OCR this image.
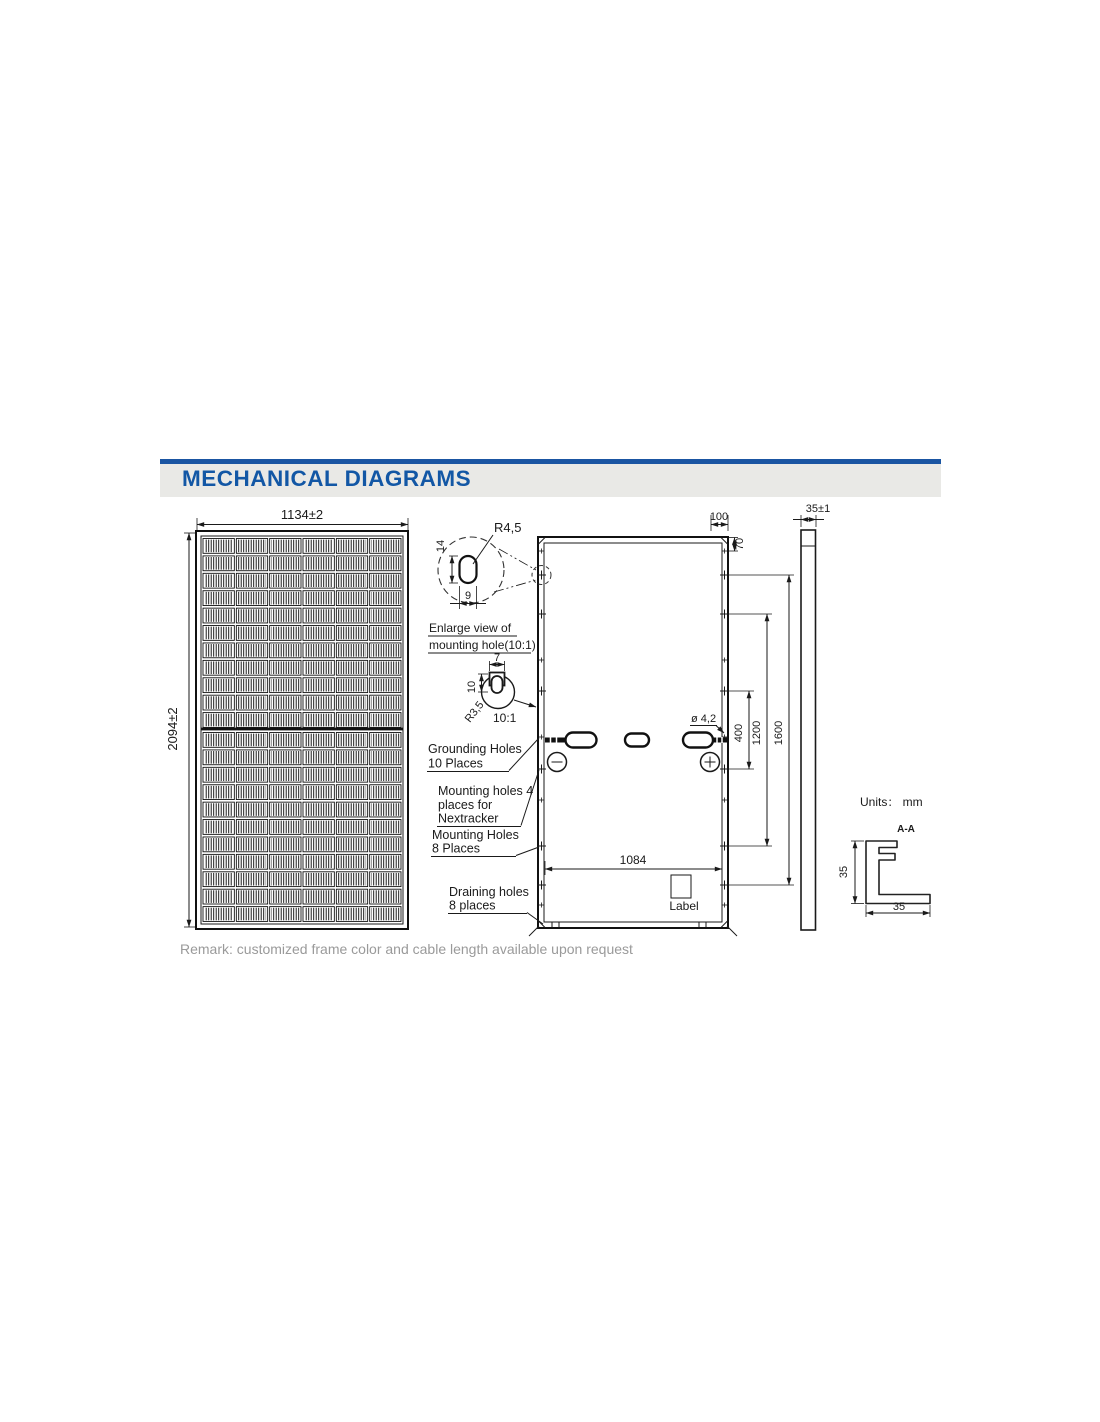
MECHANICAL DIAGRAMS
1134±2
2094±2
14
R4,5
9
Enlarge view of
mounting hole(10:1)
7
10
R3,5 10:1
100
70
400 1200 1600
ø 4,2
1084
Label
Grounding Holes
10 Places
Mounting holes 4
places for
Nextracker
Mounting Holes
8 Places
Draining holes
8 places
35±1
Units： mm
A-A
35
35
Remark: customized frame color and cable length available upon request
